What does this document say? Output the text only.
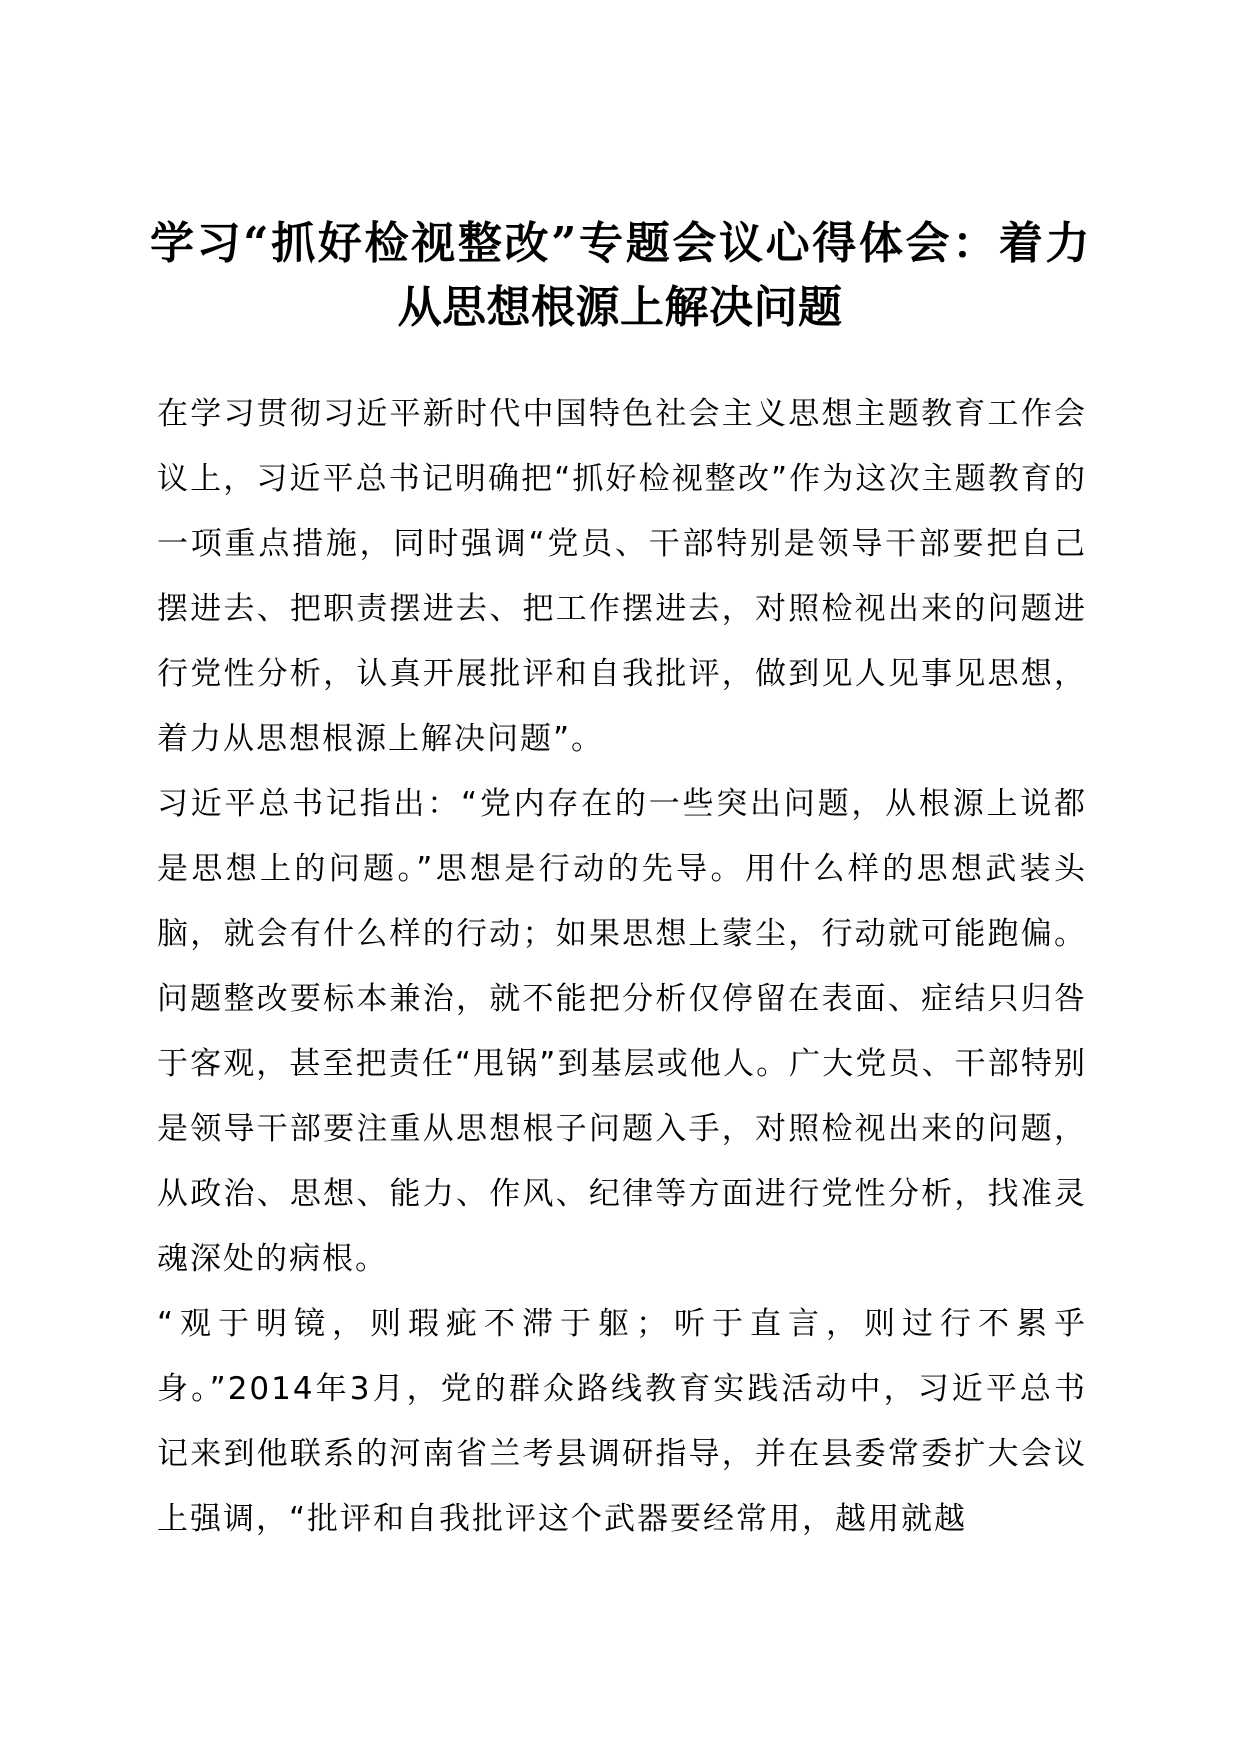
学习“抓好检视整改”专题会议心得体会：着力从思想根源上解决问题

在学习贯彻习近平新时代中国特色社会主义思想主题教育工作会议上，习近平总书记明确把“抓好检视整改”作为这次主题教育的一项重点措施，同时强调“党员、干部特别是领导干部要把自己摆进去、把职责摆进去、把工作摆进去，对照检视出来的问题进行党性分析，认真开展批评和自我批评，做到见人见事见思想，着力从思想根源上解决问题”。

习近平总书记指出：“党内存在的一些突出问题，从根源上说都是思想上的问题。”思想是行动的先导。用什么样的思想武装头脑，就会有什么样的行动；如果思想上蒙尘，行动就可能跑偏。问题整改要标本兼治，就不能把分析仅停留在表面、症结只归咎于客观，甚至把责任“甩锅”到基层或他人。广大党员、干部特别是领导干部要注重从思想根子问题入手，对照检视出来的问题，从政治、思想、能力、作风、纪律等方面进行党性分析，找准灵魂深处的病根。

“观于明镜，则瑕疵不滞于躯；听于直言，则过行不累乎身。”2014年3月，党的群众路线教育实践活动中，习近平总书记来到他联系的河南省兰考县调研指导，并在县委常委扩大会议上强调，“批评和自我批评这个武器要经常用，越用就越
